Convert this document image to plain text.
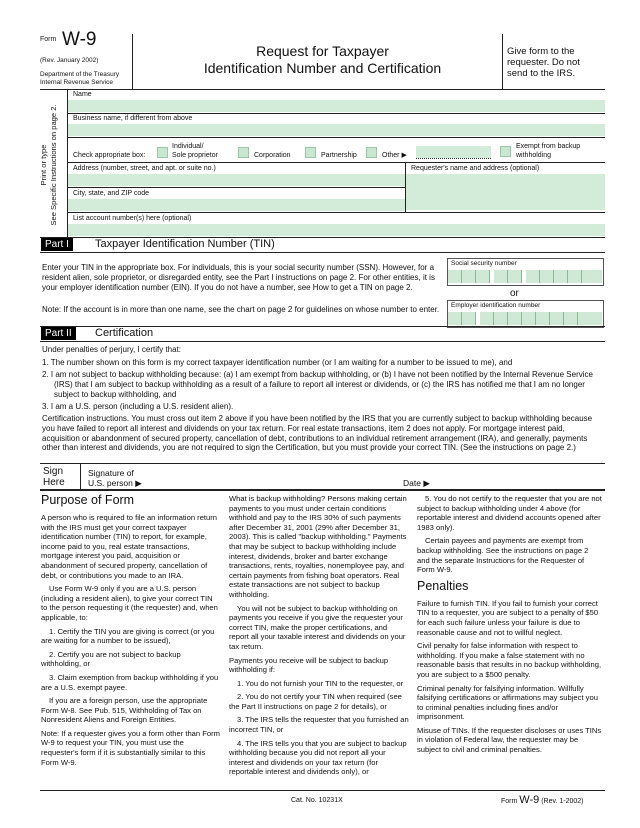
Form W-9
(Rev. January 2002)
Department of the Treasury
Internal Revenue Service
Request for Taxpayer
Identification Number and Certification
Give form to the requester. Do not send to the IRS.
Print or type See Specific Instructions on page 2.
Name
Business name, if different from above
Check appropriate box:
Individual/
Sole proprietor	Corporation	Partnership	Other ▶
Exempt from backup
withholding
Address (number, street, and apt. or suite no.)	Requester's name and address (optional)
City, state, and ZIP code
List account number(s) here (optional)
Part I	Taxpayer Identification Number (TIN)
Enter your TIN in the appropriate box. For individuals, this is your social security number (SSN). However, for a resident alien, sole proprietor, or disregarded entity, see the Part I instructions on page 2. For other entities, it is your employer identification number (EIN). If you do not have a number, see How to get a TIN on page 2.
Note: If the account is in more than one name, see the chart on page 2 for guidelines on whose number to enter.
Social security number
or
Employer identification number
Part II	Certification
Under penalties of perjury, I certify that:
1. The number shown on this form is my correct taxpayer identification number (or I am waiting for a number to be issued to me), and
2. I am not subject to backup withholding because: (a) I am exempt from backup withholding, or (b) I have not been notified by the Internal Revenue Service (IRS) that I am subject to backup withholding as a result of a failure to report all interest or dividends, or (c) the IRS has notified me that I am no longer subject to backup withholding, and
3. I am a U.S. person (including a U.S. resident alien).
Certification instructions. You must cross out item 2 above if you have been notified by the IRS that you are currently subject to backup withholding because you have failed to report all interest and dividends on your tax return. For real estate transactions, item 2 does not apply. For mortgage interest paid, acquisition or abandonment of secured property, cancellation of debt, contributions to an individual retirement arrangement (IRA), and generally, payments other than interest and dividends, you are not required to sign the Certification, but you must provide your correct TIN. (See the instructions on page 2.)
Sign
Here
Signature of
U.S. person ▶	Date ▶
Purpose of Form

A person who is required to file an information return with the IRS must get your correct taxpayer identification number (TIN) to report, for example, income paid to you, real estate transactions, mortgage interest you paid, acquisition or abandonment of secured property, cancellation of debt, or contributions you made to an IRA.

Use Form W-9 only if you are a U.S. person (including a resident alien), to give your correct TIN to the person requesting it (the requester) and, when applicable, to:

1. Certify the TIN you are giving is correct (or you are waiting for a number to be issued),

2. Certify you are not subject to backup withholding, or

3. Claim exemption from backup withholding if you are a U.S. exempt payee.

If you are a foreign person, use the appropriate Form W-8. See Pub. 515, Withholding of Tax on Nonresident Aliens and Foreign Entities.

Note: If a requester gives you a form other than Form W-9 to request your TIN, you must use the requester's form if it is substantially similar to this Form W-9.

What is backup withholding? Persons making certain payments to you must under certain conditions withhold and pay to the IRS 30% of such payments after December 31, 2001 (29% after December 31, 2003). This is called "backup withholding." Payments that may be subject to backup withholding include interest, dividends, broker and barter exchange transactions, rents, royalties, nonemployee pay, and certain payments from fishing boat operators. Real estate transactions are not subject to backup withholding.

You will not be subject to backup withholding on payments you receive if you give the requester your correct TIN, make the proper certifications, and report all your taxable interest and dividends on your tax return.

Payments you receive will be subject to backup withholding if:

1. You do not furnish your TIN to the requester, or

2. You do not certify your TIN when required (see the Part II instructions on page 2 for details), or

3. The IRS tells the requester that you furnished an incorrect TIN, or

4. The IRS tells you that you are subject to backup withholding because you did not report all your interest and dividends on your tax return (for reportable interest and dividends only), or

5. You do not certify to the requester that you are not subject to backup withholding under 4 above (for reportable interest and dividend accounts opened after 1983 only).

Certain payees and payments are exempt from backup withholding. See the instructions on page 2 and the separate Instructions for the Requester of Form W-9.

Penalties

Failure to furnish TIN. If you fail to furnish your correct TIN to a requester, you are subject to a penalty of $50 for each such failure unless your failure is due to reasonable cause and not to willful neglect.

Civil penalty for false information with respect to withholding. If you make a false statement with no reasonable basis that results in no backup withholding, you are subject to a $500 penalty.

Criminal penalty for falsifying information. Willfully falsifying certifications or affirmations may subject you to criminal penalties including fines and/or imprisonment.

Misuse of TINs. If the requester discloses or uses TINs in violation of Federal law, the requester may be subject to civil and criminal penalties.

Cat. No. 10231X	Form W-9 (Rev. 1-2002)
